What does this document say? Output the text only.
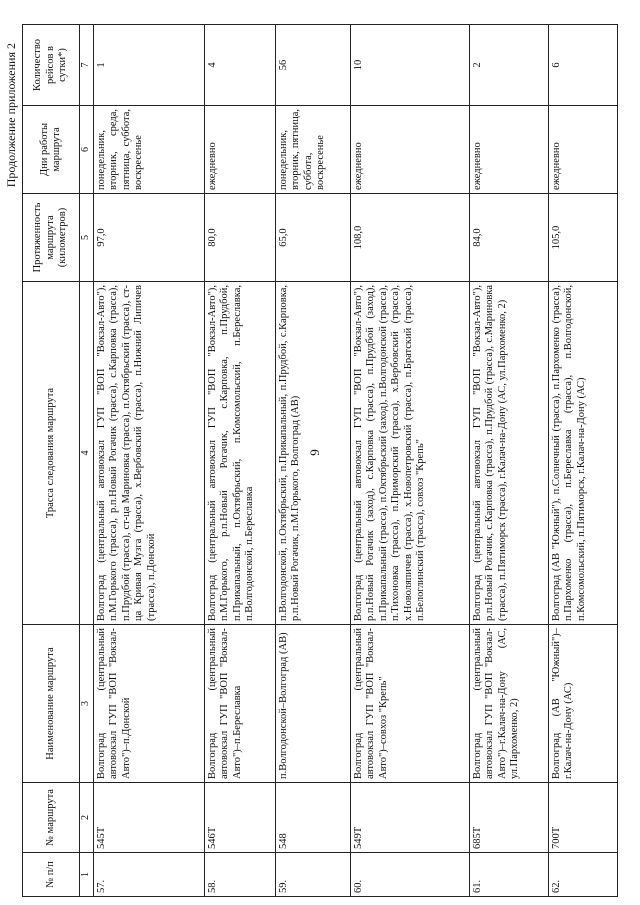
9
Продолжение приложения 2
№ п/п	№ маршрута	Наименование маршрута	Трасса следования маршрута	Протяженность маршрута (километров)	Дни работы маршрута	Количество рейсов в сутки*)
1	2	3	4	5	6	7
57.	545Т	Волгоград (центральный автовокзал ГУП "ВОП "Вокзал-Авто")–п.Донской	Волгоград (центральный автовокзал ГУП "ВОП "Вокзал-Авто"), п.М.Горького (трасса), р.п.Новый Рогачик (трасса), с.Карповка (трасса), п.Прудбой (трасса), ст-ца Мариновка (трасса), п.Октябрьский (трасса), ст-ца Кривая Музга (трасса), х.Вербовский (трасса), п.Нижний Липичев (трасса), п.Донской	97,0	понедельник, вторник, среда, пятница, суббота, воскресенье	1
58.	546Т	Волгоград (центральный автовокзал ГУП "ВОП "Вокзал-Авто")–п.Береславка	Волгоград (центральный автовокзал ГУП "ВОП "Вокзал-Авто"), п.М.Горького, р.п.Новый Рогачик, с.Карповка, п.Прудбой, п.Прикапальный, п.Октябрьский, п.Комсомольский, п.Береславка, п.Волгодонской, п.Береславка	80,0	ежедневно	4
59.	548	п.Волгодонской–Волгоград (АВ)	п.Волгодонской, п.Октябрьский, п.Прикапальный, п.Прудбой, с.Карповка, р.п.Новый Рогачик, п.М.Горького, Волгоград (АВ)	65,0	понедельник, вторник, пятница, суббота, воскресенье	56
60.	549Т	Волгоград (центральный автовокзал ГУП "ВОП "Вокзал-Авто")–совхоз "Крепь"	Волгоград (центральный автовокзал ГУП "ВОП "Вокзал-Авто"), р.п.Новый Рогачик (заход), с.Карповка (трасса), п.Прудбой (заход), п.Прикапальный (трасса), п.Октябрьский (заход), п.Волгодонской (трасса), п.Тихоновка (трасса), п.Приморский (трасса), х.Вербовский (трасса), х.Новоляпичев (трасса), х.Новопетровский (трасса), п.Братский (трасса), п.Белоглинский (трасса), совхоз "Крепь"	108,0	ежедневно	10
61.	685Т	Волгоград (центральный автовокзал ГУП "ВОП "Вокзал-Авто")–г.Калач-на-Дону (АС, ул.Пархоменко, 2)	Волгоград (центральный автовокзал ГУП "ВОП "Вокзал-Авто"), р.п.Новый Рогачик, с.Карповка (трасса), п.Прудбой (трасса), с.Мариновка (трасса), п.Пятиморск (трасса), г.Калач-на-Дону (АС, ул.Пархоменко, 2)	84,0	ежедневно	2
62.	700Т	Волгоград (АВ "Южный")–г.Калач-на-Дону (АС)	Волгоград (АВ "Южный"), п.Солнечный (трасса), п.Пархоменко (трасса), п.Пархоменко (трасса), п.Береславка (трасса), п.Волгодонской, п.Комсомольский, п.Пятиморск, г.Калач-на-Дону (АС)	105,0	ежедневно	6
